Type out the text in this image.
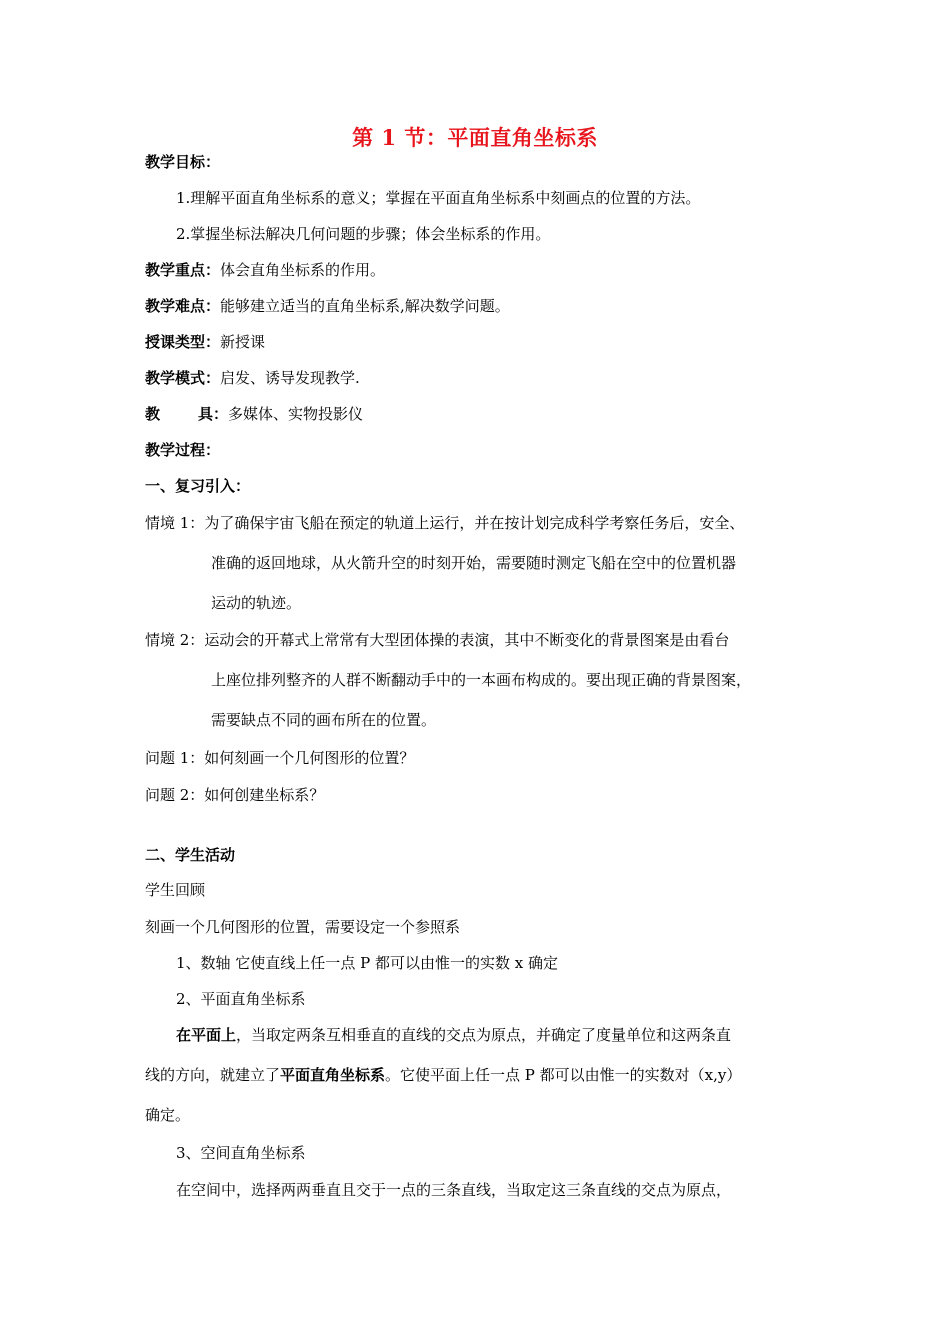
第 1 节：平面直角坐标系
教学目标：
1.理解平面直角坐标系的意义；掌握在平面直角坐标系中刻画点的位置的方法。
2.掌握坐标法解决几何问题的步骤；体会坐标系的作用。
教学重点：体会直角坐标系的作用。
教学难点：能够建立适当的直角坐标系,解决数学问题。
授课类型：新授课
教学模式：启发、诱导发现教学.
教	具：多媒体、实物投影仪
教学过程：
一、复习引入：
情境 1：为了确保宇宙飞船在预定的轨道上运行，并在按计划完成科学考察任务后，安全、
准确的返回地球，从火箭升空的时刻开始，需要随时测定飞船在空中的位置机器
运动的轨迹。
情境 2：运动会的开幕式上常常有大型团体操的表演，其中不断变化的背景图案是由看台
上座位排列整齐的人群不断翻动手中的一本画布构成的。要出现正确的背景图案，
需要缺点不同的画布所在的位置。
问题 1：如何刻画一个几何图形的位置？
问题 2：如何创建坐标系？
二、学生活动
学生回顾
刻画一个几何图形的位置，需要设定一个参照系
1、数轴 它使直线上任一点 P 都可以由惟一的实数 x 确定
2、平面直角坐标系
在平面上，当取定两条互相垂直的直线的交点为原点，并确定了度量单位和这两条直
线的方向，就建立了平面直角坐标系。它使平面上任一点 P 都可以由惟一的实数对（x,y）
确定。
3、空间直角坐标系
在空间中，选择两两垂直且交于一点的三条直线，当取定这三条直线的交点为原点，
